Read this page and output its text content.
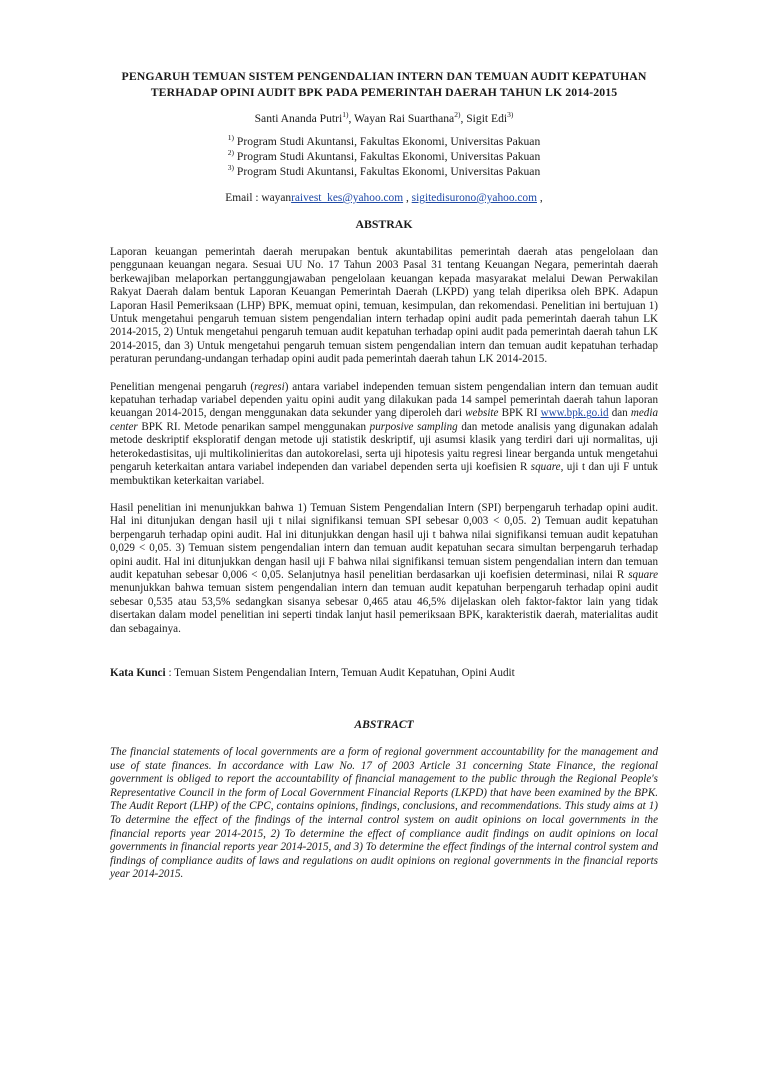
PENGARUH TEMUAN SISTEM PENGENDALIAN INTERN DAN TEMUAN AUDIT KEPATUHAN
TERHADAP OPINI AUDIT BPK PADA PEMERINTAH DAERAH TAHUN LK 2014-2015
Santi Ananda Putri$^{1)}$, Wayan Rai Suarthana$^{2)}$, Sigit Edi$^{3)}$
$^{1)}$ Program Studi Akuntansi, Fakultas Ekonomi, Universitas Pakuan
$^{2)}$ Program Studi Akuntansi, Fakultas Ekonomi, Universitas Pakuan
$^{3)}$ Program Studi Akuntansi, Fakultas Ekonomi, Universitas Pakuan
Email : wayanraivest_kes@yahoo.com , sigitedisurono@yahoo.com ,
ABSTRAK

Laporan keuangan pemerintah daerah merupakan bentuk akuntabilitas pemerintah daerah atas pengelolaan dan penggunaan keuangan negara. Sesuai UU No. 17 Tahun 2003 Pasal 31 tentang Keuangan Negara, pemerintah daerah berkewajiban melaporkan pertanggungjawaban pengelolaan keuangan kepada masyarakat melalui Dewan Perwakilan Rakyat Daerah dalam bentuk Laporan Keuangan Pemerintah Daerah (LKPD) yang telah diperiksa oleh BPK. Adapun Laporan Hasil Pemeriksaan (LHP) BPK, memuat opini, temuan, kesimpulan, dan rekomendasi. Penelitian ini bertujuan 1) Untuk mengetahui pengaruh temuan sistem pengendalian intern terhadap opini audit pada pemerintah daerah tahun LK 2014-2015, 2) Untuk mengetahui pengaruh temuan audit kepatuhan terhadap opini audit pada pemerintah daerah tahun LK 2014-2015, dan 3) Untuk mengetahui pengaruh temuan sistem pengendalian intern dan temuan audit kepatuhan terhadap peraturan perundang-undangan terhadap opini audit pada pemerintah daerah tahun LK 2014-2015.

Penelitian mengenai pengaruh (regresi) antara variabel independen temuan sistem pengendalian intern dan temuan audit kepatuhan terhadap variabel dependen yaitu opini audit yang dilakukan pada 14 sampel pemerintah daerah tahun laporan keuangan 2014-2015, dengan menggunakan data sekunder yang diperoleh dari website BPK RI www.bpk.go.id dan media center BPK RI. Metode penarikan sampel menggunakan purposive sampling dan metode analisis yang digunakan adalah metode deskriptif eksploratif dengan metode uji statistik deskriptif, uji asumsi klasik yang terdiri dari uji normalitas, uji heterokedastisitas, uji multikolinieritas dan autokorelasi, serta uji hipotesis yaitu regresi linear berganda untuk mengetahui pengaruh keterkaitan antara variabel independen dan variabel dependen serta uji koefisien R square, uji t dan uji F untuk membuktikan keterkaitan variabel.

Hasil penelitian ini menunjukkan bahwa 1) Temuan Sistem Pengendalian Intern (SPI) berpengaruh terhadap opini audit. Hal ini ditunjukan dengan hasil uji t nilai signifikansi temuan SPI sebesar 0,003 < 0,05. 2) Temuan audit kepatuhan berpengaruh terhadap opini audit. Hal ini ditunjukkan dengan hasil uji t bahwa nilai signifikansi temuan audit kepatuhan 0,029 < 0,05. 3) Temuan sistem pengendalian intern dan temuan audit kepatuhan secara simultan berpengaruh terhadap opini audit. Hal ini ditunjukkan dengan hasil uji F bahwa nilai signifikansi temuan sistem pengendalian intern dan temuan audit kepatuhan sebesar 0,006 < 0,05. Selanjutnya hasil penelitian berdasarkan uji koefisien determinasi, nilai R square menunjukkan bahwa temuan sistem pengendalian intern dan temuan audit kepatuhan berpengaruh terhadap opini audit sebesar 0,535 atau 53,5% sedangkan sisanya sebesar 0,465 atau 46,5% dijelaskan oleh faktor-faktor lain yang tidak disertakan dalam model penelitian ini seperti tindak lanjut hasil pemeriksaan BPK, karakteristik daerah, materialitas audit dan sebagainya.

Kata Kunci : Temuan Sistem Pengendalian Intern, Temuan Audit Kepatuhan, Opini Audit
ABSTRACT

The financial statements of local governments are a form of regional government accountability for the management and use of state finances. In accordance with Law No. 17 of 2003 Article 31 concerning State Finance, the regional government is obliged to report the accountability of financial management to the public through the Regional People's Representative Council in the form of Local Government Financial Reports (LKPD) that have been examined by the BPK. The Audit Report (LHP) of the CPC, contains opinions, findings, conclusions, and recommendations. This study aims at 1) To determine the effect of the findings of the internal control system on audit opinions on local governments in the financial reports year 2014-2015, 2) To determine the effect of compliance audit findings on audit opinions on local governments in financial reports year 2014-2015, and 3) To determine the effect findings of the internal control system and findings of compliance audits of laws and regulations on audit opinions on regional governments in the financial reports year 2014-2015.
